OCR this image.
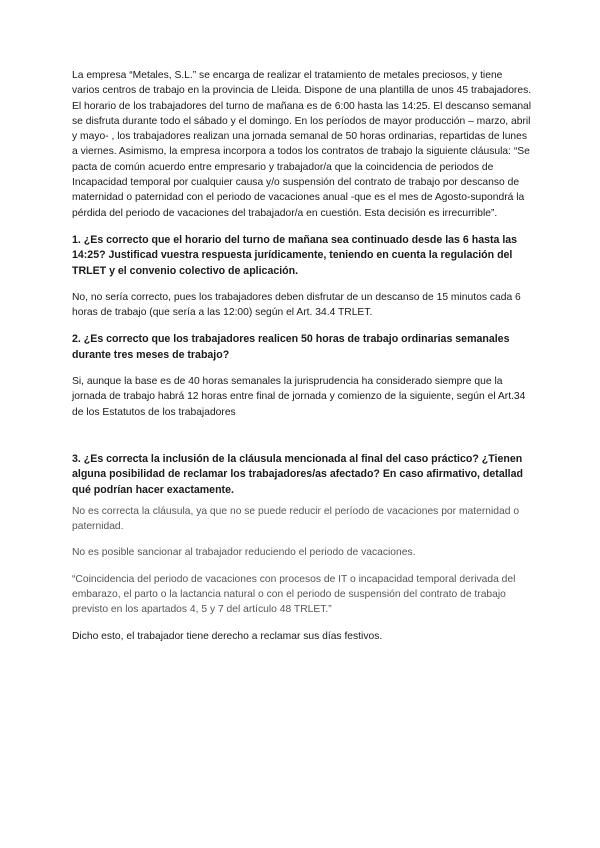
La empresa “Metales, S.L.” se encarga de realizar el tratamiento de metales preciosos, y tiene varios centros de trabajo en la provincia de Lleida. Dispone de una plantilla de unos 45 trabajadores. El horario de los trabajadores del turno de mañana es de 6:00 hasta las 14:25. El descanso semanal se disfruta durante todo el sábado y el domingo. En los períodos de mayor producción – marzo, abril y mayo- , los trabajadores realizan una jornada semanal de 50 horas ordinarias, repartidas de lunes a viernes. Asimismo, la empresa incorpora a todos los contratos de trabajo la siguiente cláusula: “Se pacta de común acuerdo entre empresario y trabajador/a que la coincidencia de periodos de Incapacidad temporal por cualquier causa y/o suspensión del contrato de trabajo por descanso de maternidad o paternidad con el periodo de vacaciones anual -que es el mes de Agosto-supondrá la pérdida del periodo de vacaciones del trabajador/a en cuestión. Esta decisión es irrecurrible”.

1. ¿Es correcto que el horario del turno de mañana sea continuado desde las 6 hasta las 14:25? Justificad vuestra respuesta jurídicamente, teniendo en cuenta la regulación del TRLET y el convenio colectivo de aplicación.

No, no sería correcto, pues los trabajadores deben disfrutar de un descanso de 15 minutos cada 6 horas de trabajo (que sería a las 12:00) según el Art. 34.4 TRLET.

2. ¿Es correcto que los trabajadores realicen 50 horas de trabajo ordinarias semanales durante tres meses de trabajo?

Si, aunque la base es de 40 horas semanales la jurisprudencia ha considerado siempre que la jornada de trabajo habrá 12 horas entre final de jornada y comienzo de la siguiente, según el Art.34 de los Estatutos de los trabajadores

3. ¿Es correcta la inclusión de la cláusula mencionada al final del caso práctico? ¿Tienen alguna posibilidad de reclamar los trabajadores/as afectado? En caso afirmativo, detallad qué podrían hacer exactamente.

No es correcta la cláusula, ya que no se puede reducir el período de vacaciones por maternidad o paternidad.

No es posible sancionar al trabajador reduciendo el periodo de vacaciones.

“Coincidencia del periodo de vacaciones con procesos de IT o incapacidad temporal derivada del embarazo, el parto o la lactancia natural o con el periodo de suspensión del contrato de trabajo previsto en los apartados 4, 5 y 7 del artículo 48 TRLET.”

Dicho esto, el trabajador tiene derecho a reclamar sus días festivos.
